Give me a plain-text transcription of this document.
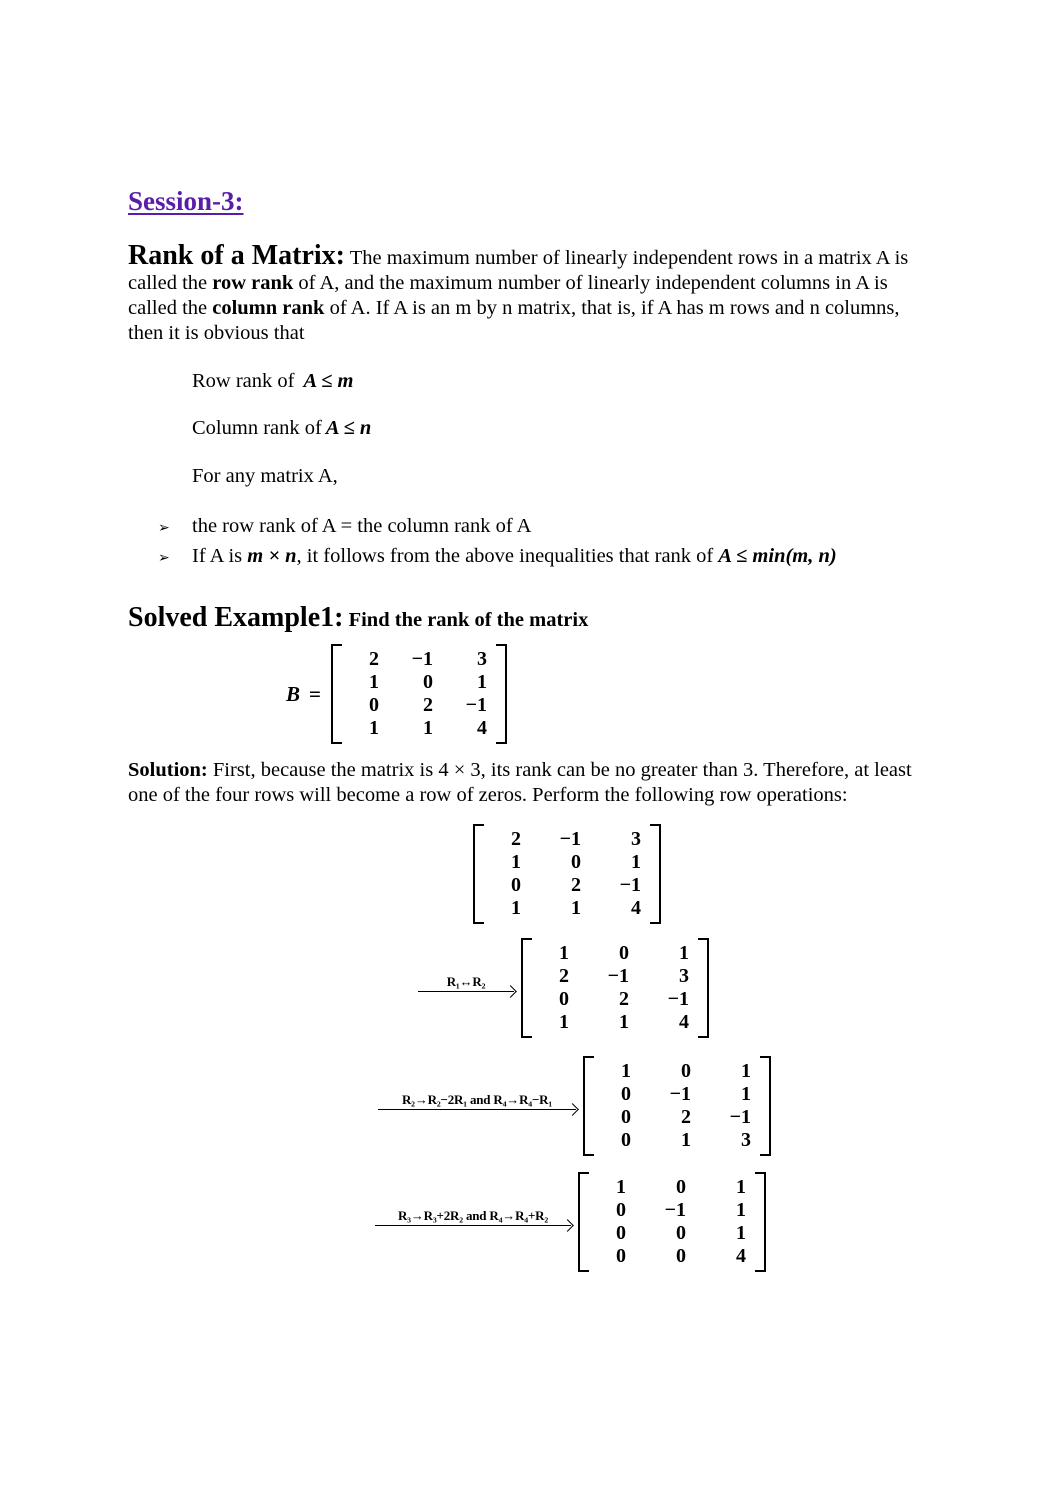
Session-3:

Rank of a Matrix: The maximum number of linearly independent rows in a matrix A is called the row rank of A, and the maximum number of linearly independent columns in A is called the column rank of A. If A is an m by n matrix, that is, if A has m rows and n columns, then it is obvious that

Row rank of A ≤ m

Column rank of A ≤ n

For any matrix A,

➢	the row rank of A = the column rank of A
➢	If A is m × n, it follows from the above inequalities that rank of A ≤ min(m, n)

Solved Example1: Find the rank of the matrix

B =
2	−1	3
1	0	1
0	2	−1
1	1	4

Solution: First, because the matrix is 4 × 3, its rank can be no greater than 3. Therefore, at least one of the four rows will become a row of zeros. Perform the following row operations:

2	−1	3
1	0	1
0	2	−1
1	1	4
R₁↔R₂
1	0	1
2	−1	3
0	2	−1
1	1	4
R₂→R₂−2R₁ and R₄→R₄−R₁
1	0	1
0	−1	1
0	2	−1
0	1	3
R₃→R₃+2R₂ and R₄→R₄+R₂
1	0	1
0	−1	1
0	0	1
0	0	4
